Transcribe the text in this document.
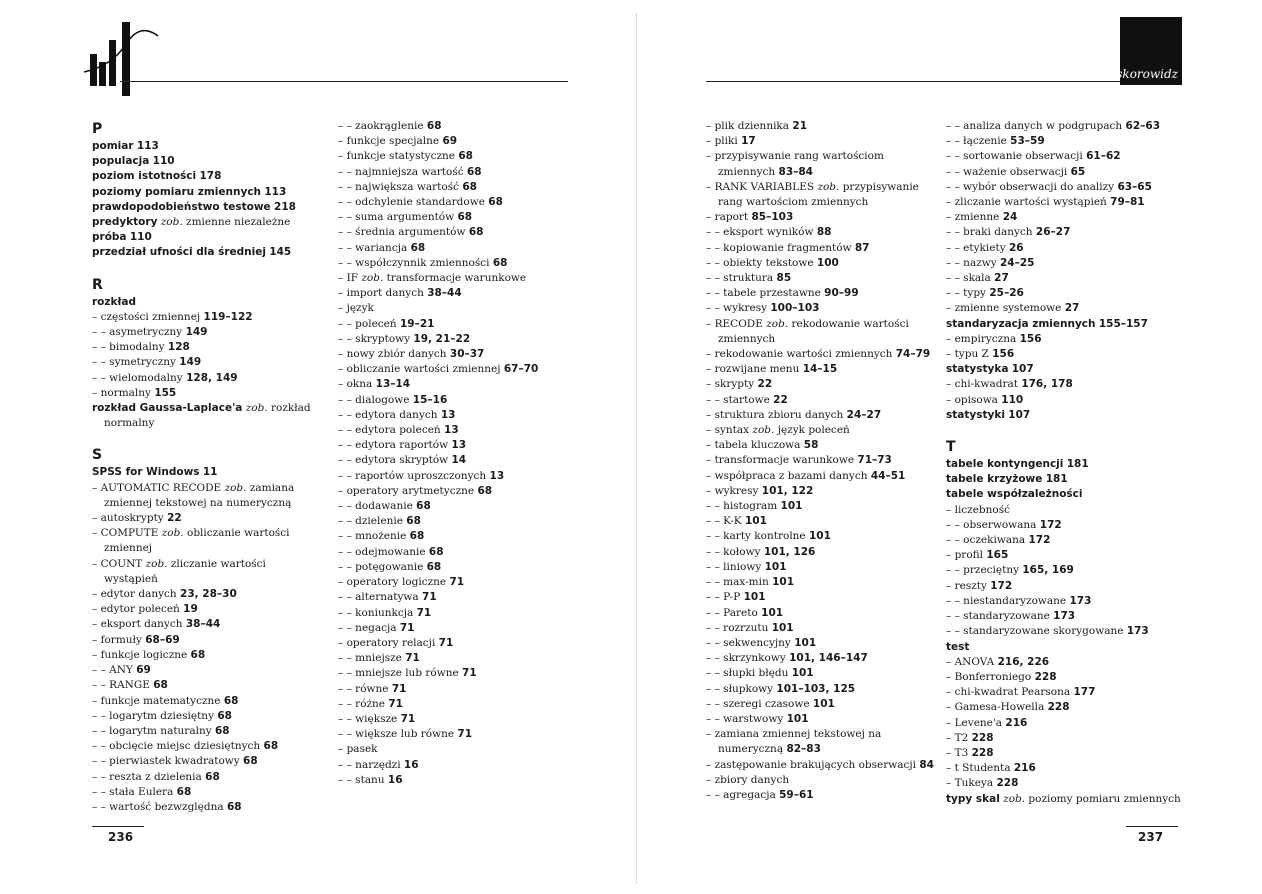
skorowidz
P
pomiar 113
populacja 110
poziom istotności 178
poziomy pomiaru zmiennych 113
prawdopodobieństwo testowe 218
predyktory zob. zmienne niezależne
próba 110
przedział ufności dla średniej 145
R
rozkład
– częstości zmiennej 119–122
– – asymetryczny 149
– – bimodalny 128
– – symetryczny 149
– – wielomodalny 128, 149
– normalny 155
rozkład Gaussa-Laplace'a zob. rozkład
normalny
S
SPSS for Windows 11
– AUTOMATIC RECODE zob. zamiana
zmiennej tekstowej na numeryczną
– autoskrypty 22
– COMPUTE zob. obliczanie wartości
zmiennej
– COUNT zob. zliczanie wartości
wystąpień
– edytor danych 23, 28–30
– edytor poleceń 19
– eksport danych 38–44
– formuły 68–69
– funkcje logiczne 68
– – ANY 69
– – RANGE 68
– funkcje matematyczne 68
– – logarytm dziesiętny 68
– – logarytm naturalny 68
– – obcięcie miejsc dziesiętnych 68
– – pierwiastek kwadratowy 68
– – reszta z dzielenia 68
– – stała Eulera 68
– – wartość bezwzględna 68
– – zaokrąglenie 68
– funkcje specjalne 69
– funkcje statystyczne 68
– – najmniejsza wartość 68
– – największa wartość 68
– – odchylenie standardowe 68
– – suma argumentów 68
– – średnia argumentów 68
– – wariancja 68
– – współczynnik zmienności 68
– IF zob. transformacje warunkowe
– import danych 38–44
– język
– – poleceń 19–21
– – skryptowy 19, 21–22
– nowy zbiór danych 30–37
– obliczanie wartości zmiennej 67–70
– okna 13–14
– – dialogowe 15–16
– – edytora danych 13
– – edytora poleceń 13
– – edytora raportów 13
– – edytora skryptów 14
– – raportów uproszczonych 13
– operatory arytmetyczne 68
– – dodawanie 68
– – dzielenie 68
– – mnożenie 68
– – odejmowanie 68
– – potęgowanie 68
– operatory logiczne 71
– – alternatywa 71
– – koniunkcja 71
– – negacja 71
– operatory relacji 71
– – mniejsze 71
– – mniejsze lub równe 71
– – równe 71
– – różne 71
– – większe 71
– – większe lub równe 71
– pasek
– – narzędzi 16
– – stanu 16
– plik dziennika 21
– pliki 17
– przypisywanie rang wartościom
zmiennych 83–84
– RANK VARIABLES zob. przypisywanie
rang wartościom zmiennych
– raport 85–103
– – eksport wyników 88
– – kopiowanie fragmentów 87
– – obiekty tekstowe 100
– – struktura 85
– – tabele przestawne 90–99
– – wykresy 100–103
– RECODE zob. rekodowanie wartości
zmiennych
– rekodowanie wartości zmiennych 74–79
– rozwijane menu 14–15
– skrypty 22
– – startowe 22
– struktura zbioru danych 24–27
– syntax zob. język poleceń
– tabela kluczowa 58
– transformacje warunkowe 71–73
– współpraca z bazami danych 44–51
– wykresy 101, 122
– – histogram 101
– – K-K 101
– – karty kontrolne 101
– – kołowy 101, 126
– – liniowy 101
– – max-min 101
– – P-P 101
– – Pareto 101
– – rozrzutu 101
– – sekwencyjny 101
– – skrzynkowy 101, 146–147
– – słupki błędu 101
– – słupkowy 101–103, 125
– – szeregi czasowe 101
– – warstwowy 101
– zamiana zmiennej tekstowej na
numeryczną 82–83
– zastępowanie brakujących obserwacji 84
– zbiory danych
– – agregacja 59–61
– – analiza danych w podgrupach 62–63
– – łączenie 53–59
– – sortowanie obserwacji 61–62
– – ważenie obserwacji 65
– – wybór obserwacji do analizy 63–65
– zliczanie wartości wystąpień 79–81
– zmienne 24
– – braki danych 26–27
– – etykiety 26
– – nazwy 24–25
– – skala 27
– – typy 25–26
– zmienne systemowe 27
standaryzacja zmiennych 155–157
– empiryczna 156
– typu Z 156
statystyka 107
– chi-kwadrat 176, 178
– opisowa 110
statystyki 107
T
tabele kontyngencji 181
tabele krzyżowe 181
tabele współzależności
– liczebność
– – obserwowana 172
– – oczekiwana 172
– profil 165
– – przeciętny 165, 169
– reszty 172
– – niestandaryzowane 173
– – standaryzowane 173
– – standaryzowane skorygowane 173
test
– ANOVA 216, 226
– Bonferroniego 228
– chi-kwadrat Pearsona 177
– Gamesa-Howella 228
– Levene'a 216
– T2 228
– T3 228
– t Studenta 216
– Tukeya 228
typy skal zob. poziomy pomiaru zmiennych
236	237
